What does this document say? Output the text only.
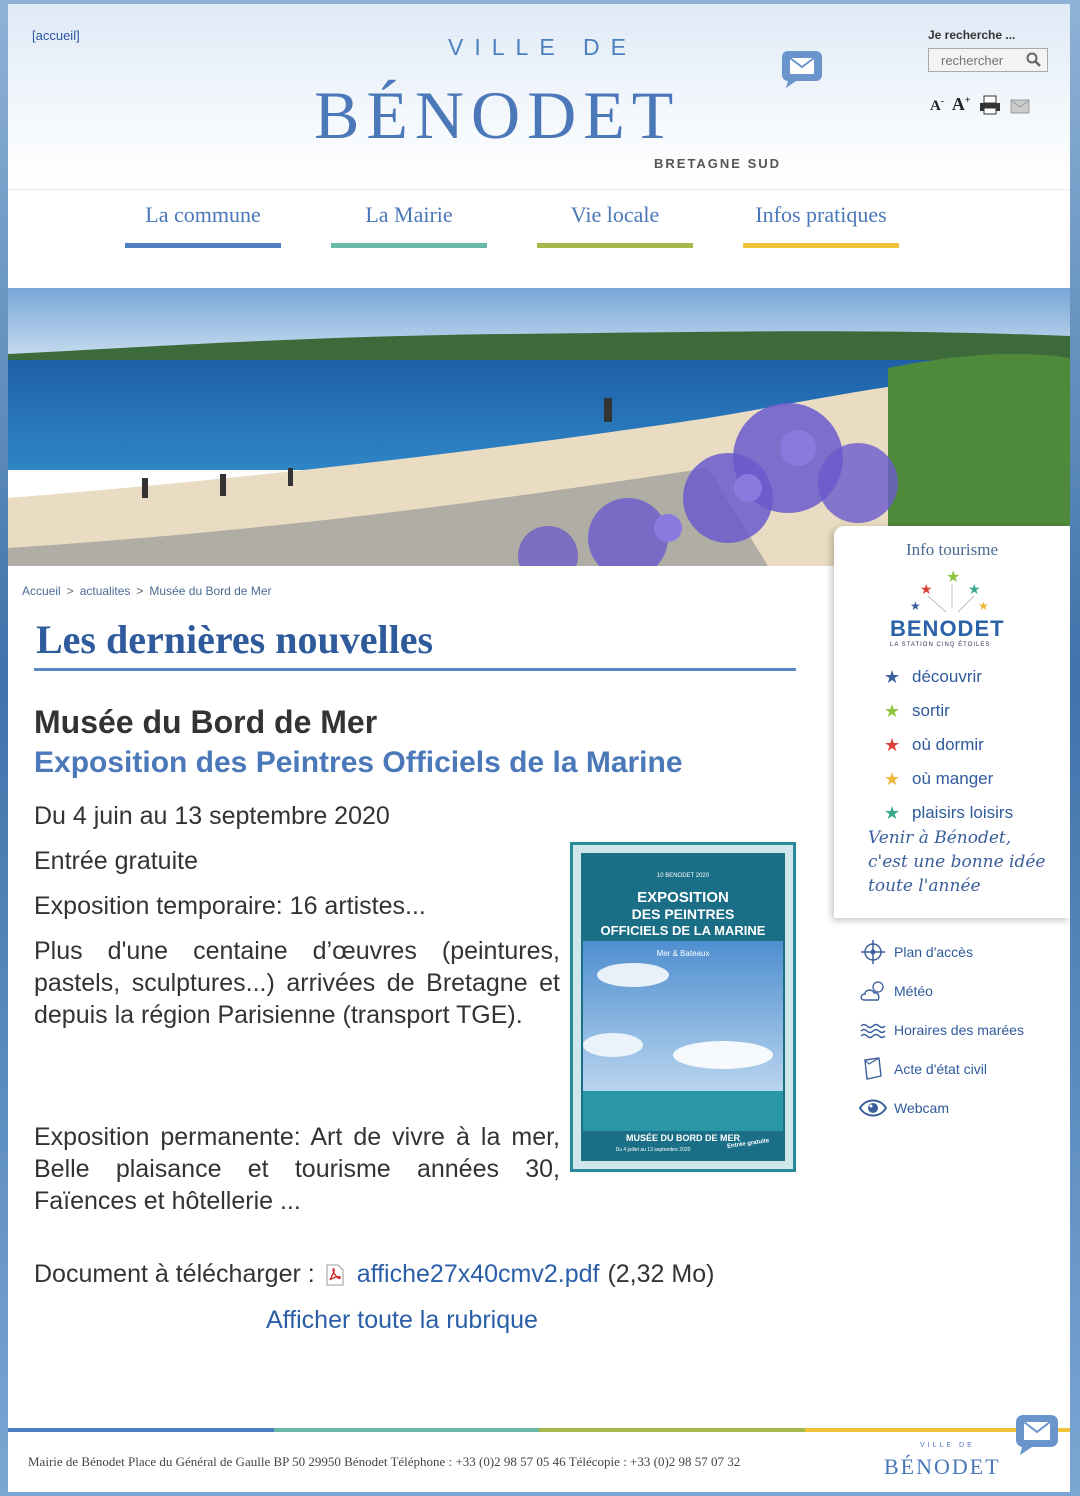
[accueil]	VILLE DE
BÉNODET
BRETAGNE SUD
Je recherche ...
rechercher
A- A+
La commune	La Mairie	Vie locale	Infos pratiques
Accueil > actualites > Musée du Bord de Mer
Les dernières nouvelles
Musée du Bord de Mer
Exposition des Peintres Officiels de la Marine

Du 4 juin au 13 septembre 2020

Entrée gratuite

Exposition temporaire: 16 artistes...

Plus d'une centaine d’œuvres (peintures, pastels, sculptures...) arrivées de Bretagne et depuis la région Parisienne (transport TGE).

Exposition permanente: Art de vivre à la mer, Belle plaisance et tourisme années 30, Faïences et hôtellerie ...

10 BENODET 2020
EXPOSITION
DES PEINTRES
OFFICIELS DE LA MARINE
Mer & Bateaux
MUSÉE DU BORD DE MER
Du 4 juillet au 13 septembre 2020
Entrée gratuite
Document à télécharger : affiche27x40cmv2.pdf (2,32 Mo)
Afficher toute la rubrique
Info tourisme
★
★	★
★	★
BENODET
LA STATION CINQ ÉTOILES
★ découvrir
★ sortir
★ où dormir
★ où manger
★ plaisirs loisirs
Venir à Bénodet,
c'est une bonne idée
toute l'année
Plan d'accès
Météo
Horaires des marées
Acte d'état civil
Webcam
Mairie de Bénodet Place du Général de Gaulle BP 50 29950 Bénodet Téléphone : +33 (0)2 98 57 05 46 Télécopie : +33 (0)2 98 57 07 32
VILLE DE
BÉNODET
